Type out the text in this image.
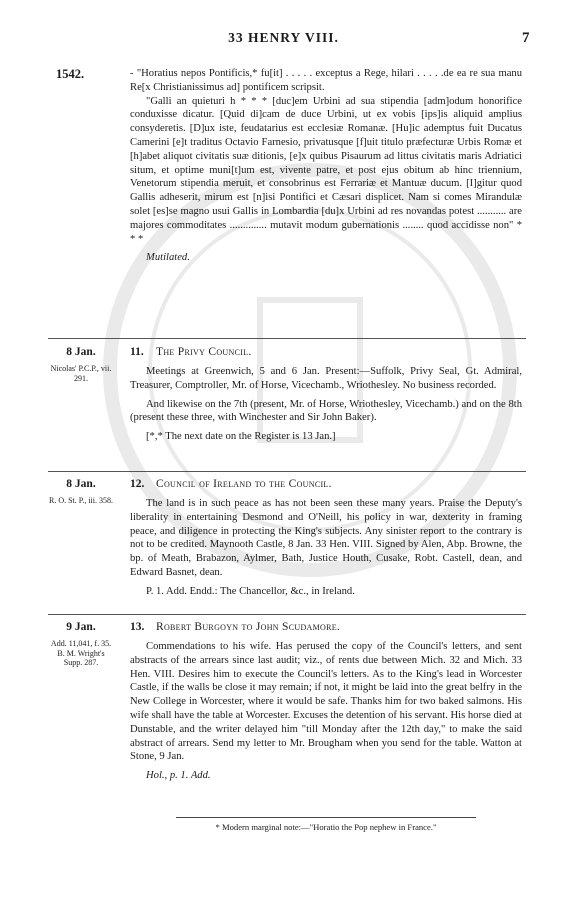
33 HENRY VIII.	7
1542.	- "Horatius nepos Pontificis,* fu[it] . . . . . exceptus a Rege, hilari . . . . .de ea re sua manu Re[x Christianissimus ad] pontificem scripsit.

"Galli an quieturi h * * * [duc]em Urbini ad sua stipendia [adm]odum honorifice conduxisse dicatur. [Quid di]cam de duce Urbini, ut ex vobis [ips]is aliquid amplius consyderetis. [D]ux iste, feudatarius est ecclesiæ Romanæ. [Hu]ic ademptus fuit Ducatus Camerini [e]t traditus Octavio Farnesio, privatusque [f]uit titulo præfecturæ Urbis Romæ et [h]abet aliquot civitatis suæ ditionis, [e]x quibus Pisaurum ad littus civitatis maris Adriatici situm, et optime muni[t]um est, vivente patre, et post ejus obitum ab hinc triennium, Venetorum stipendia meruit, et consobrinus est Ferrariæ et Mantuæ ducum. [I]gitur quod Gallis adheserit, mirum est [n]isi Pontifici et Cæsari displicet. Nam si comes Mirandulæ solet [es]se magno usui Gallis in Lombardia [du]x Urbini ad res novandas potest ........... are majores commoditates .............. mutavit modum gubernationis ........ quod accidisse non" * * *

Mutilated.

8 Jan.	11. The Privy Council.
Nicolas' P.C.P., vii. 291.

Meetings at Greenwich, 5 and 6 Jan. Present:—Suffolk, Privy Seal, Gt. Admiral, Treasurer, Comptroller, Mr. of Horse, Vicechamb., Wriothesley. No business recorded.

And likewise on the 7th (present, Mr. of Horse, Wriothesley, Vicechamb.) and on the 8th (present these three, with Winchester and Sir John Baker).

[*,* The next date on the Register is 13 Jan.]

8 Jan.	12. Council of Ireland to the Council.
R. O. St. P., iii. 358.	The land is in such peace as has not been seen these many years. Praise the Deputy's liberality in entertaining Desmond and O'Neill, his policy in war, dexterity in framing peace, and diligence in protecting the King's subjects. Any sinister report to the contrary is not to be credited. Maynooth Castle, 8 Jan. 33 Hen. VIII. Signed by Alen, Abp. Browne, the bp. of Meath, Brabazon, Aylmer, Bath, Justice Houth, Cusake, Robt. Castell, dean, and Edward Basnet, dean.

P. 1. Add. Endd.: The Chancellor, &c., in Ireland.

9 Jan.	13. Robert Burgoyn to John Scudamore.
Add. 11,041, f. 35. B. M. Wright's Supp. 287.

Commendations to his wife. Has perused the copy of the Council's letters, and sent abstracts of the arrears since last audit; viz., of rents due between Mich. 32 and Mich. 33 Hen. VIII. Desires him to execute the Council's letters. As to the King's lead in Worcester Castle, if the walls be close it may remain; if not, it might be laid into the great belfry in the New College in Worcester, where it would be safe. Thanks him for two baked salmons. His wife shall have the table at Worcester. Excuses the detention of his servant. His horse died at Dunstable, and the writer delayed him "till Monday after the 12th day," to make the said abstract of arrears. Send my letter to Mr. Brougham when you send for the table. Watton at Stone, 9 Jan.

Hol., p. 1. Add.

* Modern marginal note:—"Horatio the Pop nephew in France."
